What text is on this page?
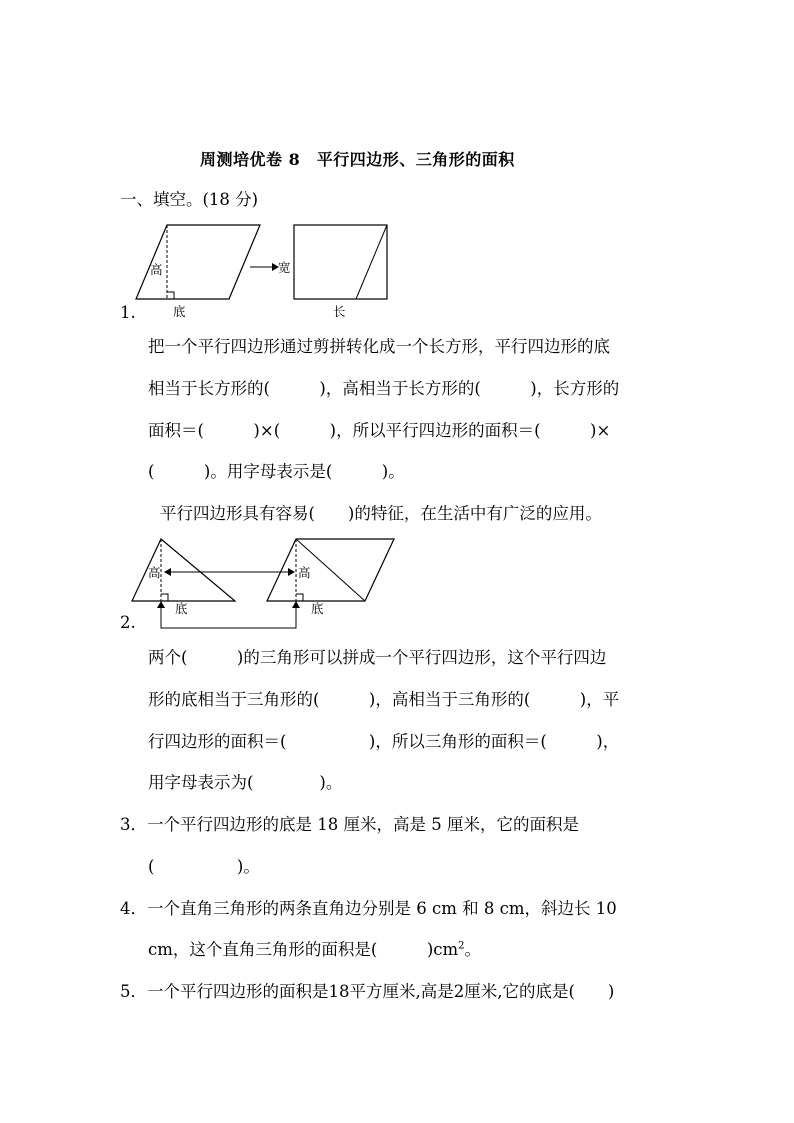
周测培优卷 8　平行四边形、三角形的面积
一、填空。(18 分)
高
底
宽
长
1.
把一个平行四边形通过剪拼转化成一个长方形，平行四边形的底
相当于长方形的(　　　)，高相当于长方形的(　　　)，长方形的
面积＝(　　　)×(　　　)，所以平行四边形的面积＝(　　　)×
(　　　)。用字母表示是(　　　)。
平行四边形具有容易(　　)的特征，在生活中有广泛的应用。
高
底
高
底
2.
两个(　　　)的三角形可以拼成一个平行四边形，这个平行四边
形的底相当于三角形的(　　　)，高相当于三角形的(　　　)，平
行四边形的面积＝(　　　　　)，所以三角形的面积＝(　　　)，
用字母表示为(　　　　)。
3．一个平行四边形的底是 18 厘米，高是 5 厘米，它的面积是
(　　　　　)。
4．一个直角三角形的两条直角边分别是 6 cm 和 8 cm，斜边长 10
cm，这个直角三角形的面积是(　　　)$cm^2$。
5．一个平行四边形的面积是18平方厘米,高是2厘米,它的底是(　　)
